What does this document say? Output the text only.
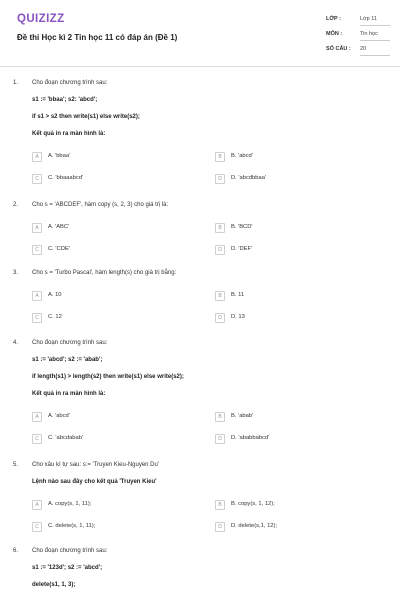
QUIZIZZ
Đề thi Học kì 2 Tin học 11 có đáp án (Đề 1)
LỚP :	Lớp 11
MÔN :	Tin học
SỐ CÂU : 20
1. Cho đoạn chương trình sau:
s1 := 'bbaa'; s2: 'abcd';
if s1 > s2 then write(s1) else write(s2);
Kết quả in ra màn hình là:
A	A. 'bbaa'	B	B. 'abcd'
C	C. 'bbaaabcd'	D	D. 'abcdbbaa'
2. Cho s = 'ABCDEF', hàm copy (s, 2, 3) cho giá trị là:
A	A. 'ABC'	B	B. 'BCD'
C	C. 'CDE'	D	D. 'DEF'
3. Cho s = 'Turbo Pascal', hàm length(s) cho giá trị bằng:
A	A. 10	B	B. 11
C	C. 12	D	D. 13
4. Cho đoạn chương trình sau:
s1 := 'abcd'; s2 := 'abab';
if length(s1) > length(s2) then write(s1) else write(s2);
Kết quả in ra màn hình là:
A	A. 'abcd'	B	B. 'abab'
C	C. 'abcdabab'	D	D. 'ababbabcd'
5. Cho xâu kí tự sau: s:= 'Truyen Kieu-Nguyen Du'
Lệnh nào sau đây cho kết quả 'Truyen Kieu'
A	A. copy(s, 1, 11);	B	B. copy(s, 1, 12);
C	C. delete(s, 1, 11);	D	D. delete(s,1, 12);
6. Cho đoạn chương trình sau:
s1 := '123d'; s2 := 'abcd';
delete(s1, 1, 3);
